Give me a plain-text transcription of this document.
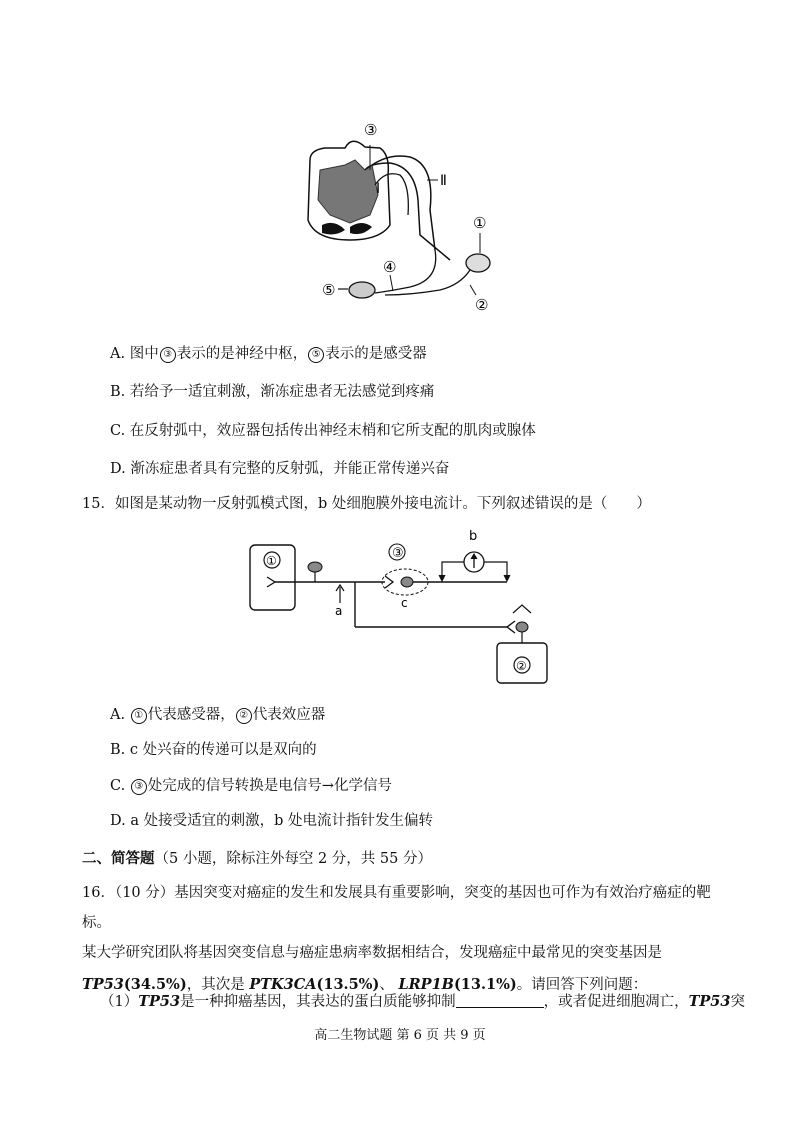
③
Ⅰ	Ⅱ
①
②
④
⑤
A. 图中 ③ 表示的是神经中枢， ⑤ 表示的是感受器
B. 若给予一适宜刺激，渐冻症患者无法感觉到疼痛
C. 在反射弧中，效应器包括传出神经末梢和它所支配的肌肉或腺体
D. 渐冻症患者具有完整的反射弧，并能正常传递兴奋
15．如图是某动物一反射弧模式图，b 处细胞膜外接电流计。下列叙述错误的是（　　）
①
a
③
c
b
②
A. ① 代表感受器， ② 代表效应器
B. c 处兴奋的传递可以是双向的
C. ③ 处完成的信号转换是电信号→化学信号
D. a 处接受适宜的刺激，b 处电流计指针发生偏转
二、简答题（5 小题，除标注外每空 2 分，共 55 分）
16．（10 分）基因突变对癌症的发生和发展具有重要影响，突变的基因也可作为有效治疗癌症的靶标。
某大学研究团队将基因突变信息与癌症患病率数据相结合，发现癌症中最常见的突变基因是
TP53(34.5%)，其次是 PTK3CA(13.5%)、 LRP1B(13.1%)。请回答下列问题：
（1）TP53是一种抑癌基因，其表达的蛋白质能够抑制	，或者促进细胞凋亡，TP53突
高二生物试题 第 6 页 共 9 页
